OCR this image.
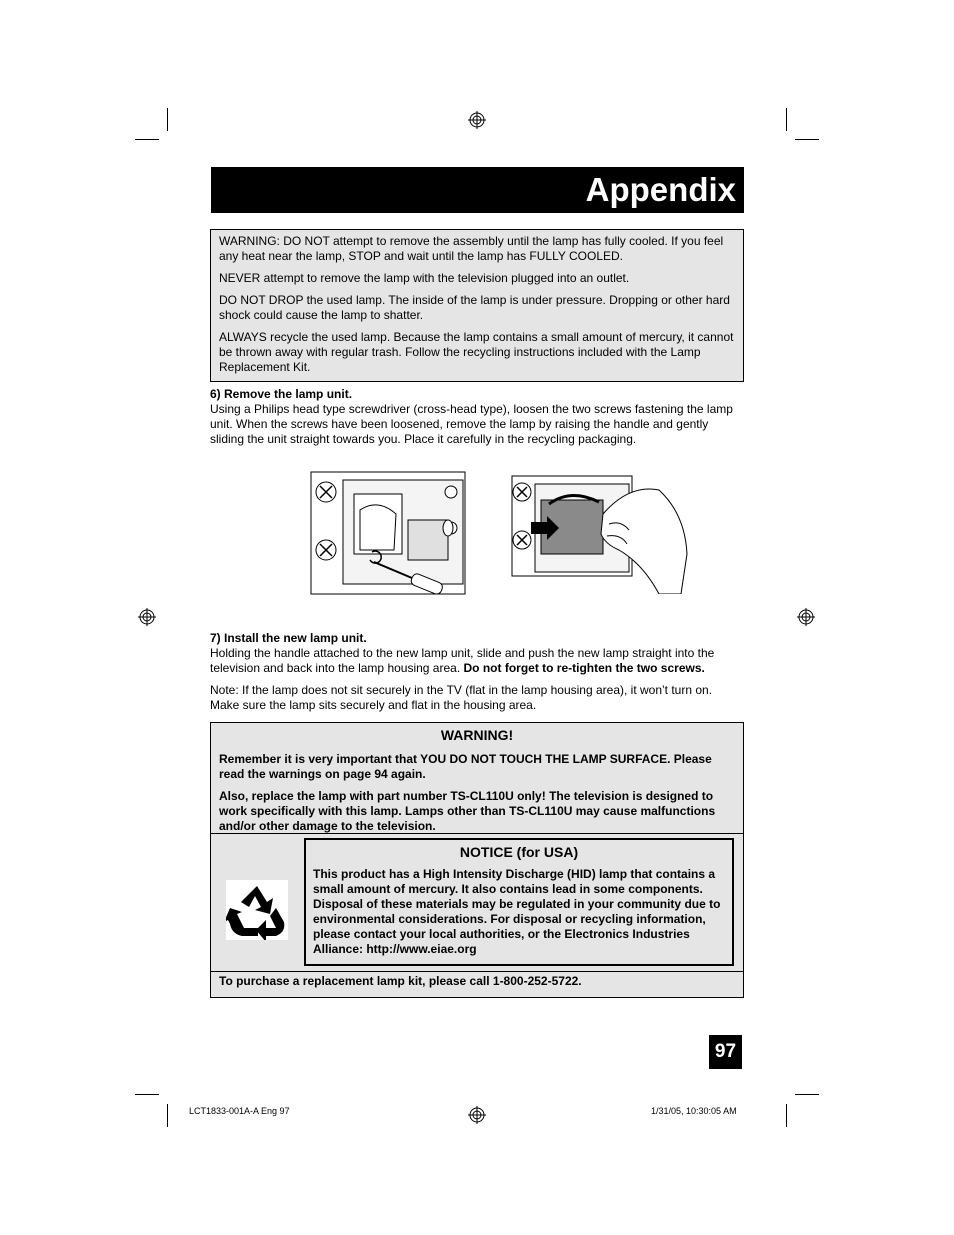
Appendix

WARNING: DO NOT attempt to remove the assembly until the lamp has fully cooled. If you feel any heat near the lamp, STOP and wait until the lamp has FULLY COOLED.

NEVER attempt to remove the lamp with the television plugged into an outlet.

DO NOT DROP the used lamp. The inside of the lamp is under pressure. Dropping or other hard shock could cause the lamp to shatter.

ALWAYS recycle the used lamp. Because the lamp contains a small amount of mercury, it cannot be thrown away with regular trash. Follow the recycling instructions included with the Lamp Replacement Kit.

6) Remove the lamp unit.

Using a Philips head type screwdriver (cross-head type), loosen the two screws fastening the lamp unit. When the screws have been loosened, remove the lamp by raising the handle and gently sliding the unit straight towards you. Place it carefully in the recycling packaging.

7) Install the new lamp unit.

Holding the handle attached to the new lamp unit, slide and push the new lamp straight into the television and back into the lamp housing area. Do not forget to re-tighten the two screws.

Note: If the lamp does not sit securely in the TV (flat in the lamp housing area), it won’t turn on. Make sure the lamp sits securely and flat in the housing area.

WARNING!
Remember it is very important that YOU DO NOT TOUCH THE LAMP SURFACE. Please read the warnings on page 94 again.
Also, replace the lamp with part number TS-CL110U only! The television is designed to work specifically with this lamp. Lamps other than TS-CL110U may cause malfunctions and/or other damage to the television.
NOTICE (for USA)
This product has a High Intensity Discharge (HID) lamp that contains a small amount of mercury. It also contains lead in some components. Disposal of these materials may be regulated in your community due to environmental considerations. For disposal or recycling information, please contact your local authorities, or the Electronics Industries Alliance: http://www.eiae.org
To purchase a replacement lamp kit, please call 1-800-252-5722.
97
LCT1833-001A-A Eng 97	1/31/05, 10:30:05 AM
